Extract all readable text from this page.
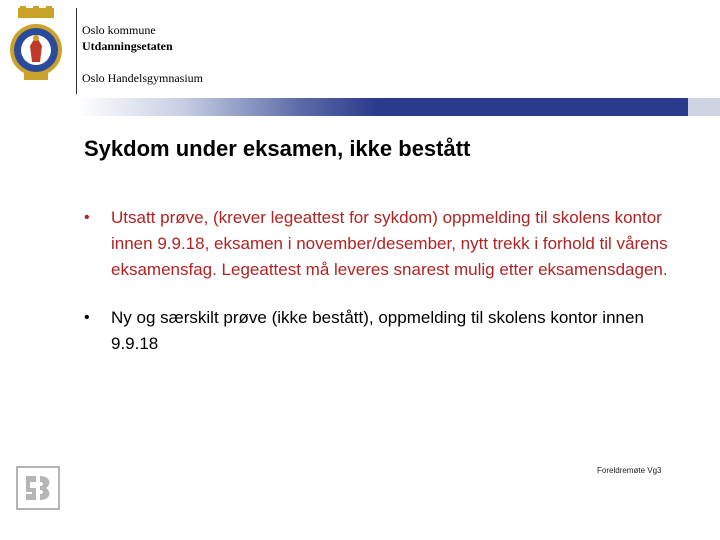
Oslo kommune
Utdanningsetaten
Oslo Handelsgymnasium
Sykdom under eksamen, ikke bestått
• Utsatt prøve, (krever legeattest for sykdom) oppmelding til skolens kontor innen 9.9.18, eksamen i november/desember, nytt trekk i forhold til vårens eksamensfag. Legeattest må leveres snarest mulig etter eksamensdagen.
• Ny og særskilt prøve (ikke bestått), oppmelding til skolens kontor innen 9.9.18
Foreldremøte Vg3
